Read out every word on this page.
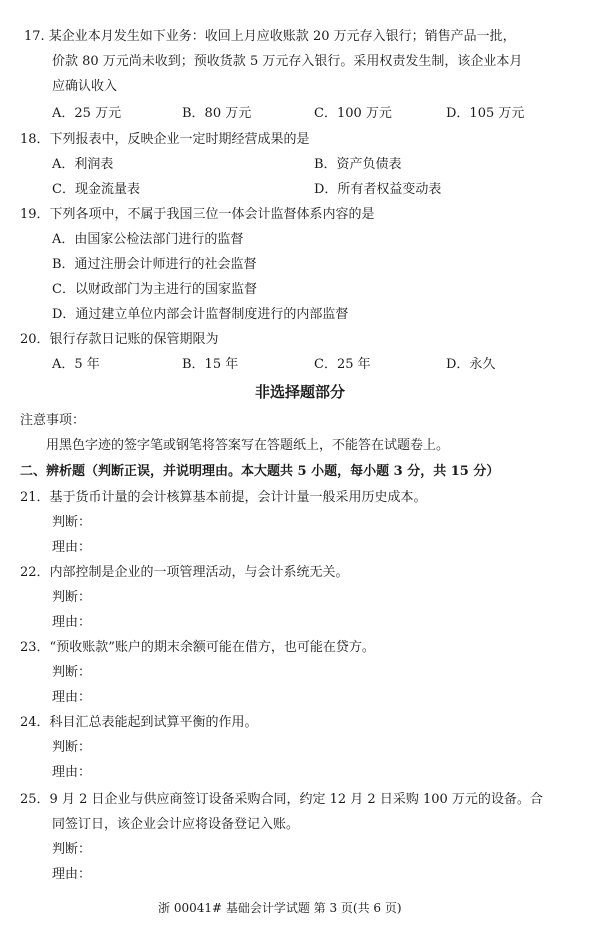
17. 某企业本月发生如下业务：收回上月应收账款 20 万元存入银行；销售产品一批，
价款 80 万元尚未收到；预收货款 5 万元存入银行。采用权责发生制，该企业本月
应确认收入
A．25 万元	B．80 万元	C．100 万元	D．105 万元
18．下列报表中，反映企业一定时期经营成果的是
A．利润表	B．资产负债表
C．现金流量表	D．所有者权益变动表
19．下列各项中，不属于我国三位一体会计监督体系内容的是
A．由国家公检法部门进行的监督
B．通过注册会计师进行的社会监督
C．以财政部门为主进行的国家监督
D．通过建立单位内部会计监督制度进行的内部监督
20．银行存款日记账的保管期限为
A．5 年	B．15 年	C．25 年	D．永久
非选择题部分
注意事项：
用黑色字迹的签字笔或钢笔将答案写在答题纸上，不能答在试题卷上。
二、辨析题（判断正误，并说明理由。本大题共 5 小题，每小题 3 分，共 15 分）
21．基于货币计量的会计核算基本前提，会计计量一般采用历史成本。
判断：
理由：
22．内部控制是企业的一项管理活动，与会计系统无关。
判断：
理由：
23．“预收账款”账户的期末余额可能在借方，也可能在贷方。
判断：
理由：
24．科目汇总表能起到试算平衡的作用。
判断：
理由：
25．9 月 2 日企业与供应商签订设备采购合同，约定 12 月 2 日采购 100 万元的设备。合
同签订日，该企业会计应将设备登记入账。
判断：
理由：
浙 00041# 基础会计学试题 第 3 页(共 6 页)
